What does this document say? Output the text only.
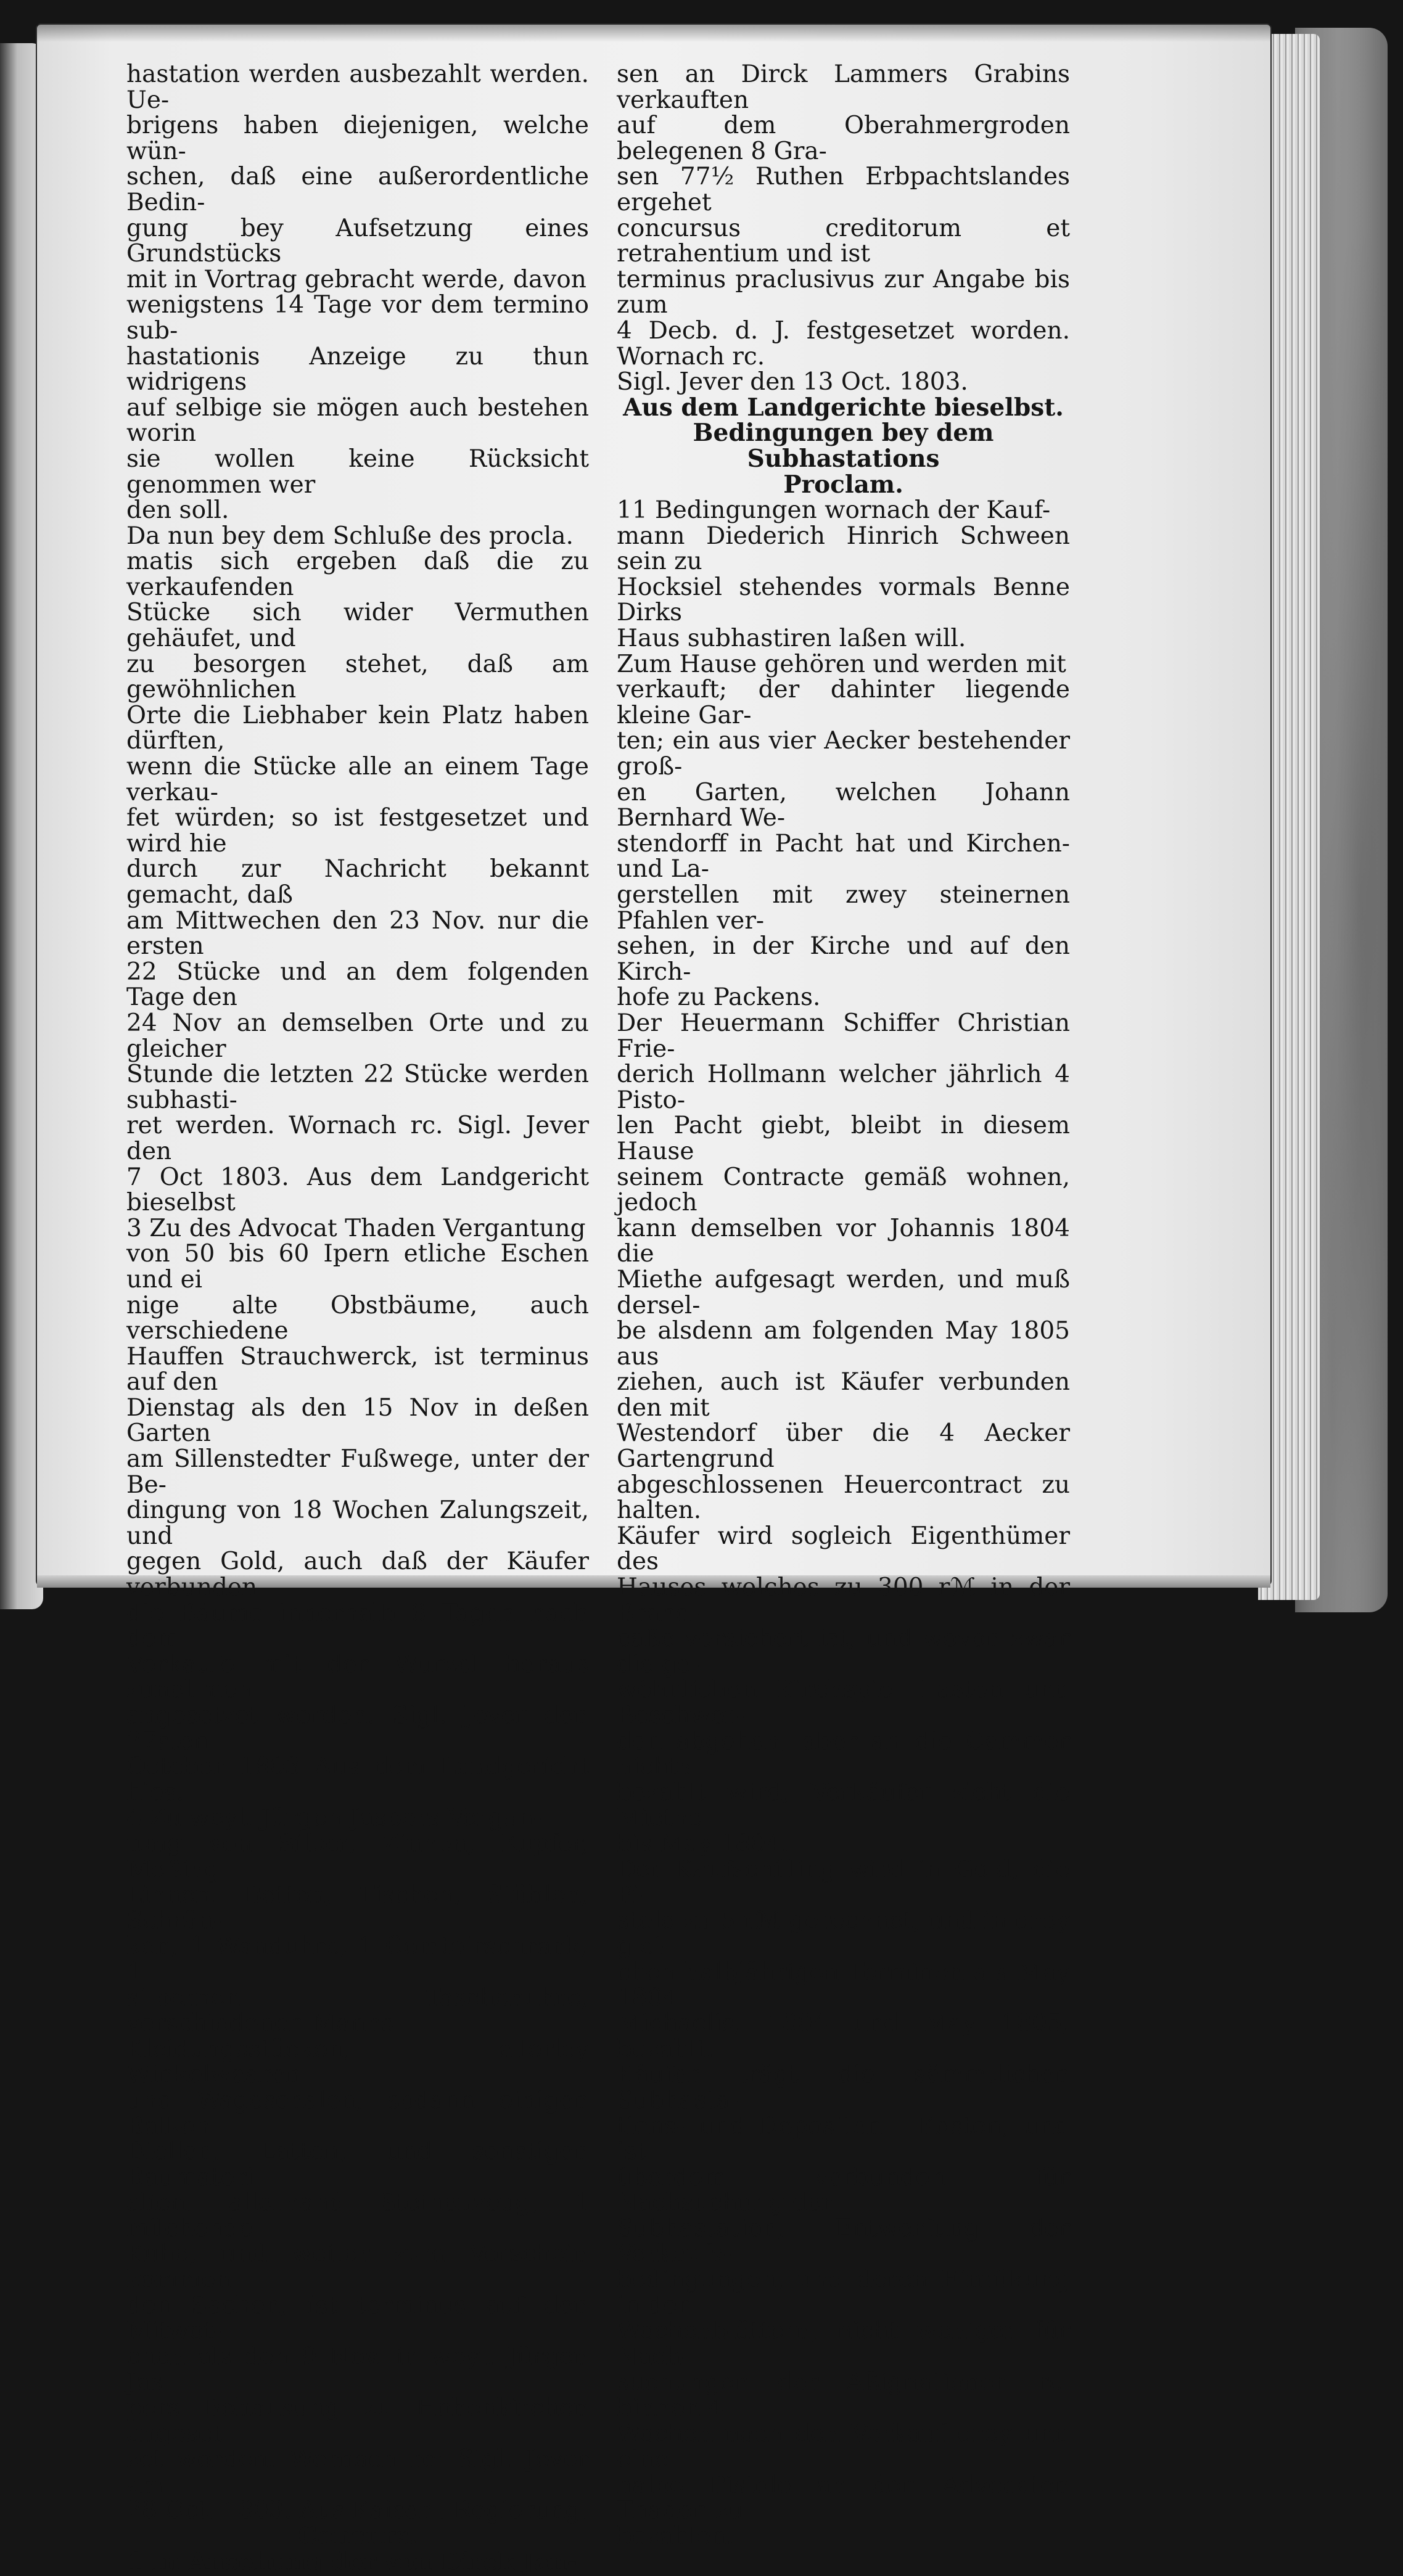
hastation werden ausbezahlt werden. Ue-
brigens haben diejenigen, welche wün-
schen, daß eine außerordentliche Bedin-
gung bey Aufsetzung eines Grundstücks
mit in Vortrag gebracht werde, davon
wenigstens 14 Tage vor dem termino sub-
hastationis Anzeige zu thun widrigens
auf selbige sie mögen auch bestehen worin
sie wollen keine Rücksicht genommen wer
den soll.

Da nun bey dem Schluße des procla.
matis sich ergeben daß die zu verkaufenden
Stücke sich wider Vermuthen gehäufet, und
zu besorgen stehet, daß am gewöhnlichen
Orte die Liebhaber kein Platz haben dürften,
wenn die Stücke alle an einem Tage verkau-
fet würden; so ist festgesetzet und wird hie
durch zur Nachricht bekannt gemacht, daß
am Mittwechen den 23 Nov. nur die ersten
22 Stücke und an dem folgenden Tage den
24 Nov an demselben Orte und zu gleicher
Stunde die letzten 22 Stücke werden subhasti-
ret werden. Wornach rc. Sigl. Jever den
7 Oct 1803. Aus dem Landgericht bieselbst

3 Zu des Advocat Thaden Vergantung
von 50 bis 60 Ipern etliche Eschen und ei
nige alte Obstbäume, auch verschiedene
Hauffen Strauchwerck, ist terminus auf den
Dienstag als den 15 Nov in deßen Garten
am Sillenstedter Fußwege, unter der Be-
dingung von 18 Wochen Zalungszeit, und
gegen Gold, auch daß der Käufer verbunden
die Bäume innerhalb 8 Tagen nach dem
Verkaufe mit der Wurzel heraus zunehmen
angesetzet worden. Sigl. Jever den 27sten
October 1803 Aus dem Landgericht hies.

4 Zu weyl. Jürgen Jaspers Vergan-
tung von Silber, Zinnen, Kupfer, Meßing
Linnen, Betten, Tischen, Stühlen, Schrän-
ken, 1 Wanduhre, 1 Comtoirschrank, 1
silbernen Taschenuhre, verschiedenen Manns
Kleidungsstücken, allerley Winkelwaaren
und Wageschalen, sodann einigen Balken
Diellen, Latten, und sonstigen Baumateri-
alien, allerhand Steinenzeug, 1 milchende
Kuhe, und weiter zum Vorschein kommen
den Sachen, ist terminus auf den Mitwot-
chen als den 9 Nov. in weyl. Jürgen Jas-
pers Behausung zu Hohenkirchen angeset-
zet worden. Wornach rc: Sigl. Jever am
28 Oct. 1803. Aus Kaiserl. Regierung.

Concurs.

1 In Ansehung der von Dirck Jan-

sen an Dirck Lammers Grabins verkauften
auf dem Oberahmergroden belegenen 8 Gra-
sen 77½ Ruthen Erbpachtslandes ergehet
concursus creditorum et retrahentium und ist
terminus praclusivus zur Angabe bis zum
4 Decb. d. J. festgesetzet worden. Wornach rc.
Sigl. Jever den 13 Oct. 1803.

Aus dem Landgerichte bieselbst.

Bedingungen bey dem Subhastations
Proclam.

11 Bedingungen wornach der Kauf-
mann Diederich Hinrich Schween sein zu
Hocksiel stehendes vormals Benne Dirks
Haus subhastiren laßen will.

Zum Hause gehören und werden mit
verkauft; der dahinter liegende kleine Gar-
ten; ein aus vier Aecker bestehender groß-
en Garten, welchen Johann Bernhard We-
stendorff in Pacht hat und Kirchen- und La-
gerstellen mit zwey steinernen Pfahlen ver-
sehen, in der Kirche und auf den Kirch-
hofe zu Packens.

Der Heuermann Schiffer Christian Frie-
derich Hollmann welcher jährlich 4 Pisto-
len Pacht giebt, bleibt in diesem Hause
seinem Contracte gemäß wohnen, jedoch
kann demselben vor Johannis 1804 die
Miethe aufgesagt werden, und muß dersel-
be alsdenn am folgenden May 1805 aus
ziehen, auch ist Käufer verbunden den mit
Westendorf über die 4 Aecker Gartengrund
abgeschlossenen Heuercontract zu halten.

Käufer wird sogleich Eigenthümer des
Hauses welches zu 300 rℳ in der Brand-
caße versichert ist, und wovon zwar die ge-
wöhnlichen Kirchspiel Lasten und Beschwer-
den abgehen, aber an die Cammer nichts
bezahlt wird, Verkäufer zieht die Miethe
bis May 1804.

Der Kaufschilling wird in Gold, die Pi-
stole zu 5 rℳ gerechnet, und in drey glei-
chen halbjährigen Terminen als May 1804
Michaelis, 1804 und May 1805, bezahlt.

Käufer trägt die sämmtlichen Subhasta-
tions- und Depositen - Kosten, und ist
überdem verbunden für Nachsuchung der
Subhastation, Entwerfung der Verkaufs-
bedingungen, und deren Einrükung in den
Wochenblättern, nicht weniger für Nach-
suchungen der Aßignationen rc. binnen 4
Wochen nach den Verkauf drey und eine
halbe Pistole an den Advocaten Thaden zu
bezahlen.
